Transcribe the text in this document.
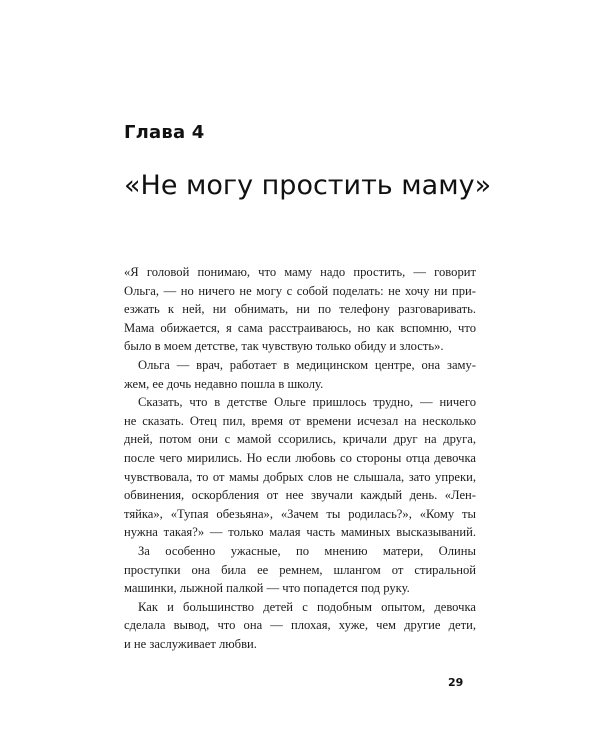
Глава 4
«Не могу простить маму»

«Я головой понимаю, что маму надо простить, — говорит
Ольга, — но ничего не могу с собой поделать: не хочу ни при-
езжать к ней, ни обнимать, ни по телефону разговаривать.
Мама обижается, я сама расстраиваюсь, но как вспомню, что
было в моем детстве, так чувствую только обиду и злость».

Ольга — врач, работает в медицинском центре, она заму-
жем, ее дочь недавно пошла в школу.

Сказать, что в детстве Ольге пришлось трудно, — ничего
не сказать. Отец пил, время от времени исчезал на несколько
дней, потом они с мамой ссорились, кричали друг на друга,
после чего мирились. Но если любовь со стороны отца девочка
чувствовала, то от мамы добрых слов не слышала, зато упреки,
обвинения, оскорбления от нее звучали каждый день. «Лен-
тяйка», «Тупая обезьяна», «Зачем ты родилась?», «Кому ты
нужна такая?» — только малая часть маминых высказываний.

За особенно ужасные, по мнению матери, Олины
проступки она била ее ремнем, шлангом от стиральной
машинки, лыжной палкой — что попадется под руку.

Как и большинство детей с подобным опытом, девочка
сделала вывод, что она — плохая, хуже, чем другие дети,
и не заслуживает любви.

29
